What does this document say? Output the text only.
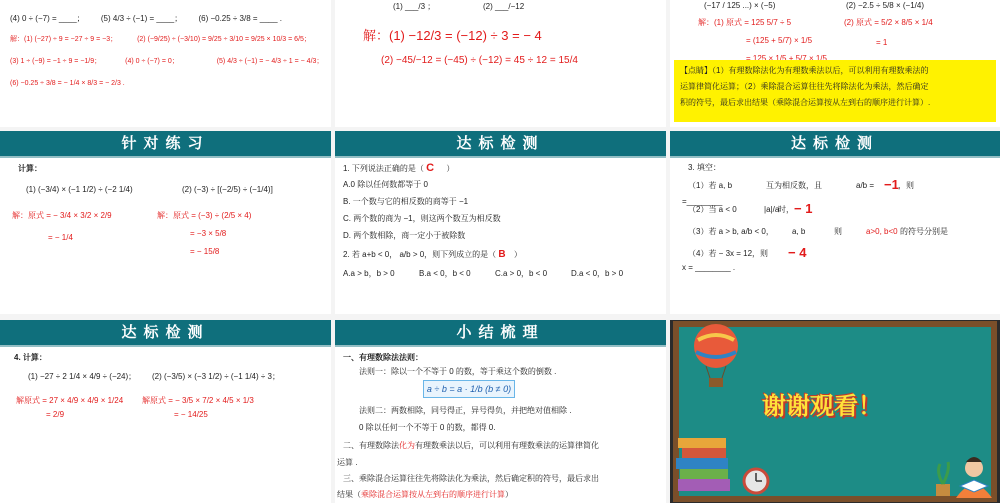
(4) 0 ÷ (−7) = ____； (5) 4/3 ÷ (−1) = ____； (6) −0.25 ÷ 3/8 = ____ .
解：(1) (−27) ÷ 9 = −27 ÷ 9 = −3；	(2) (−9/25) ÷ (−3/10) = 9/25 ÷ 3/10 = 9/25 × 10/3 = 6/5；
(3) 1 ÷ (−9) = −1 ÷ 9 = −1/9；	(4) 0 ÷ (−7) = 0；	(5) 4/3 ÷ (−1) = − 4/3 ÷ 1 = − 4/3；
(6) −0.25 ÷ 3/8 = − 1/4 × 8/3 = − 2/3 .
(1) ___/3 ；	(2) ___/−12
解：(1) −12/3 = (−12) ÷ 3 = − 4
(2) −45/−12 = (−45) ÷ (−12) = 45 ÷ 12 = 15/4
(−17 / 125 ...) × (−5)	(2) −2.5 ÷ 5/8 × (−1/4)
解：(1) 原式 = 125 5/7 ÷ 5
= (125 + 5/7) × 1/5
= 125 × 1/5 + 5/7 × 1/5
(2) 原式 = 5/2 × 8/5 × 1/4
= 1
【点睛】（1）有理数除法化为有理数乘法以后，可以利用有理数乘法的
运算律简化运算；（2）乘除混合运算往往先将除法化为乘法，然后确定
积的符号，最后求出结果（乘除混合运算按从左到右的顺序进行计算）.
针对练习
计算：
(1) (−3/4) × (−1 1/2) ÷ (−2 1/4)	(2) (−3) ÷ [(−2/5) ÷ (−1/4)]
解：原式 = − 3/4 × 3/2 × 2/9
= − 1/4
解：原式 = (−3) ÷ (2/5 × 4)
= −3 × 5/8
= − 15/8
达标检测
1. 下列说法正确的是（ C ）
A.0 除以任何数都等于 0
B. 一个数与它的相反数的商等于 −1
C. 两个数的商为 −1，则这两个数互为相反数
D. 两个数相除，商一定小于被除数
2. 若 a+b < 0， a/b > 0，则下列成立的是（ B ）
A.a > b，b > 0	B.a < 0，b < 0	C.a > 0，b < 0	D.a < 0，b > 0
达标检测
3. 填空：
（1）若 a, b	互为相反数，且	a/b = −1 ，则
=________
（2）当 a < 0	|a|/a
时， − 1
（3）若 a > b, a/b < 0， a, b	则	a>0, b<0 的符号分别是
（4）若 − 3x = 12，则 − 4
x = ________ .
达标检测
4. 计算：
(1) −27 ÷ 2 1/4 × 4/9 ÷ (−24)； (2) (−3/5) × (−3 1/2) ÷ (−1 1/4) ÷ 3；
解原式 = 27 × 4/9 × 4/9 × 1/24
= 2/9
解原式 = − 3/5 × 7/2 × 4/5 × 1/3
= − 14/25
小结梳理
一、有理数除法法则：
法则一：除以一个不等于 0 的数，等于乘这个数的倒数 .
a ÷ b = a · 1/b (b ≠ 0)
法则二：两数相除，同号得正，异号得负，并把绝对值相除 .
0 除以任何一个不等于 0 的数，都得 0.
二、有理数除法化为有理数乘法以后，可以利用有理数乘法的运算律简化
运算 .
三、乘除混合运算往往先将除法化为乘法，然后确定积的符号，最后求出
结果（乘除混合运算按从左到右的顺序进行计算）
谢谢观看！
